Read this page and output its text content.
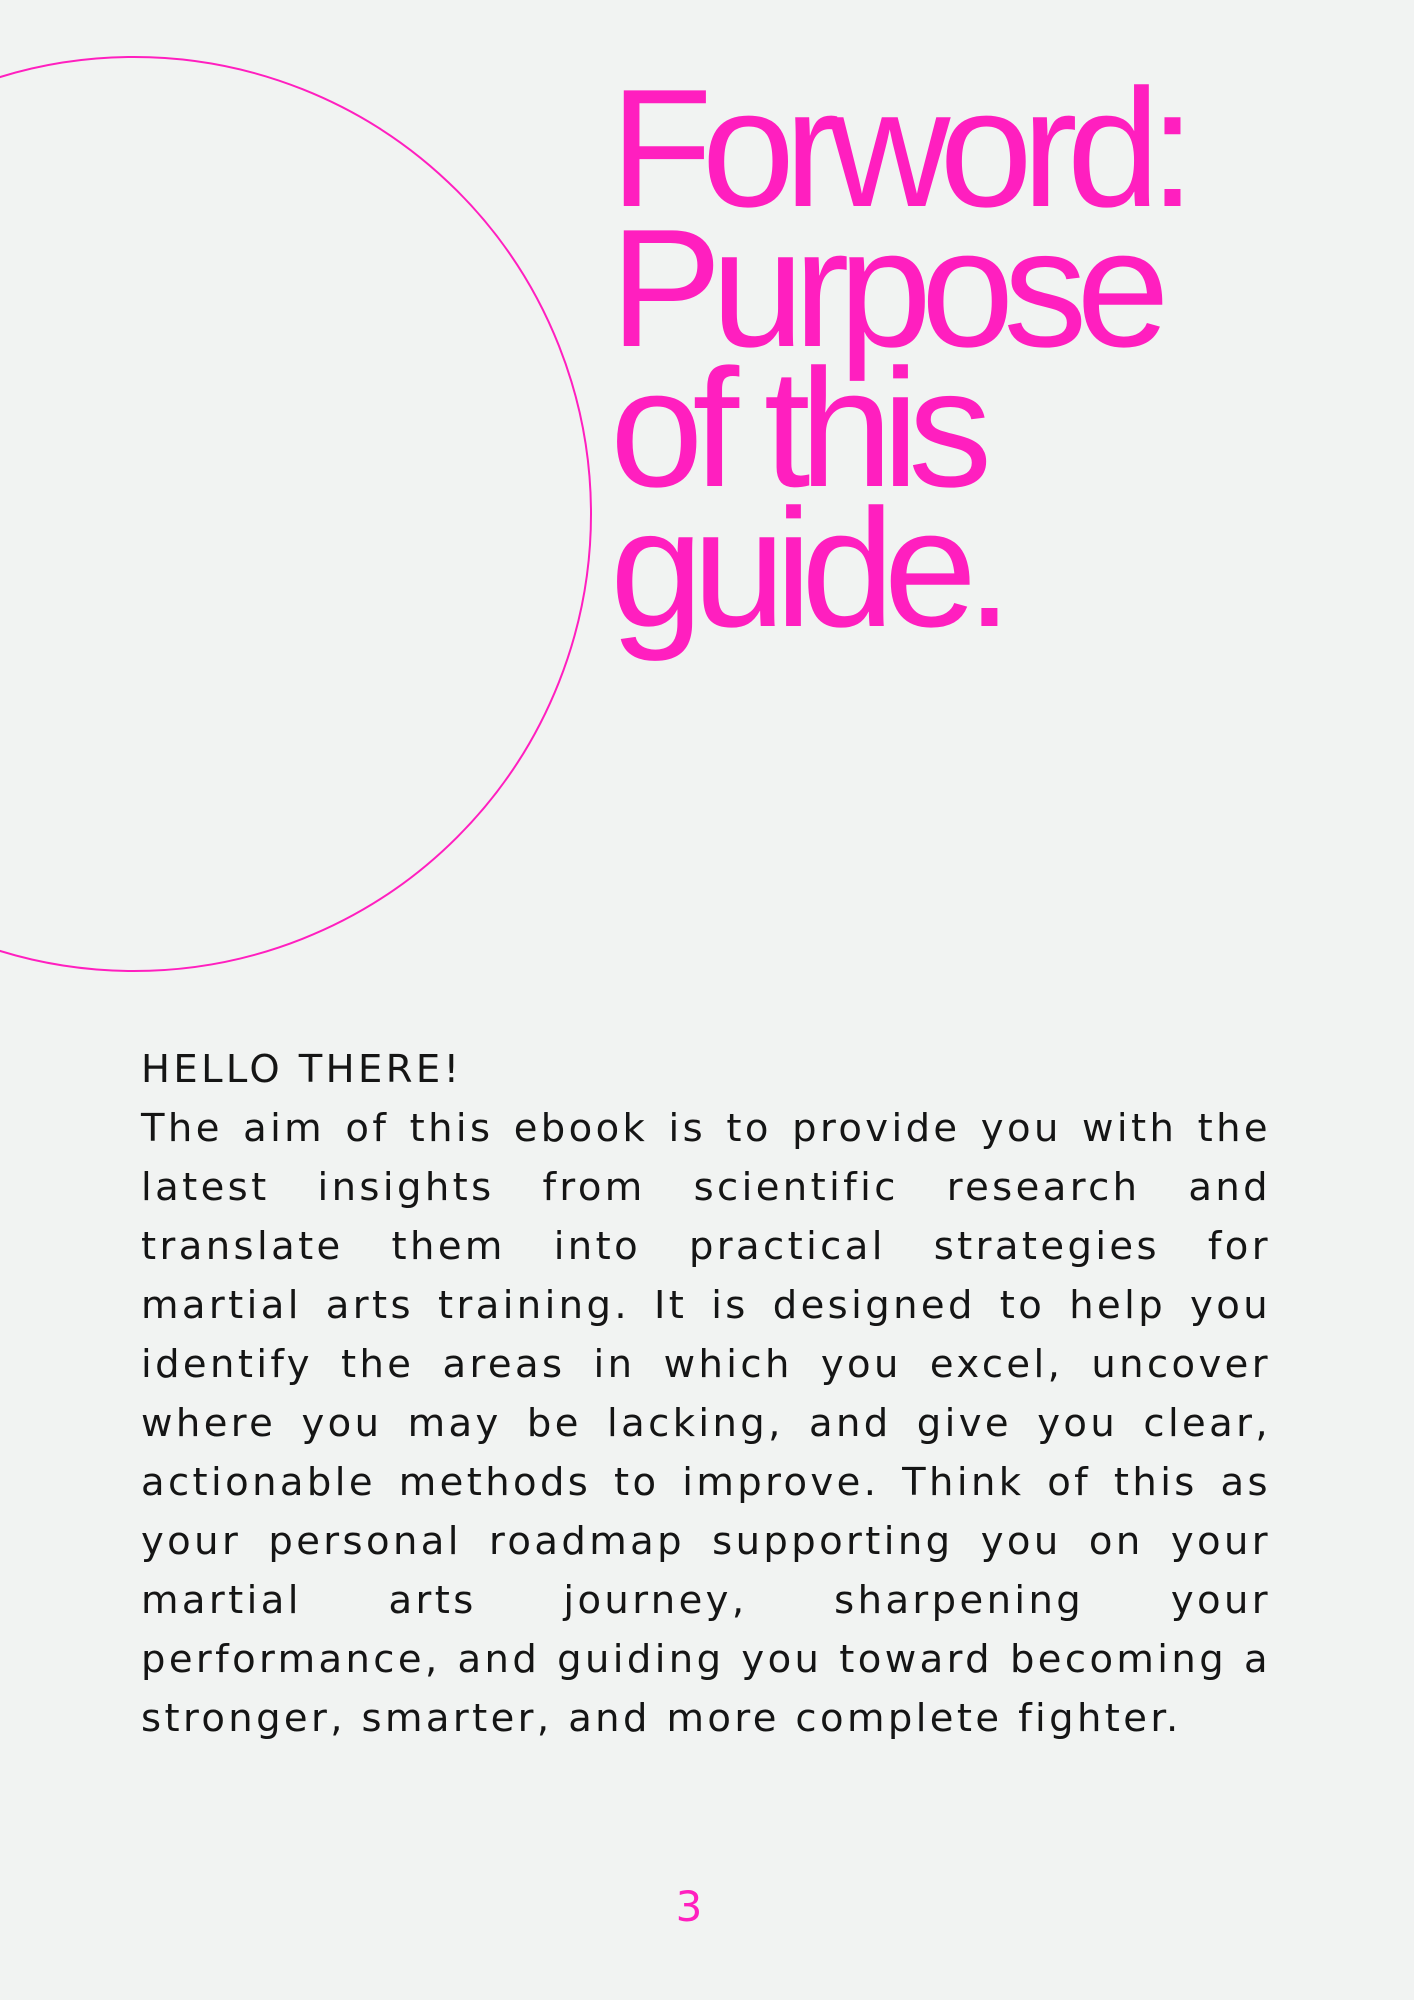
Forword:
Purpose
of this
guide.
HELLO THERE!
The aim of this ebook is to provide you with the latest insights from scientific research and translate them into practical strategies for martial arts training. It is designed to help you identify the areas in which you excel, uncover where you may be lacking, and give you clear, actionable methods to improve. Think of this as your personal roadmap supporting you on your martial arts journey, sharpening your performance, and guiding you toward becoming a stronger, smarter, and more complete fighter.
3
